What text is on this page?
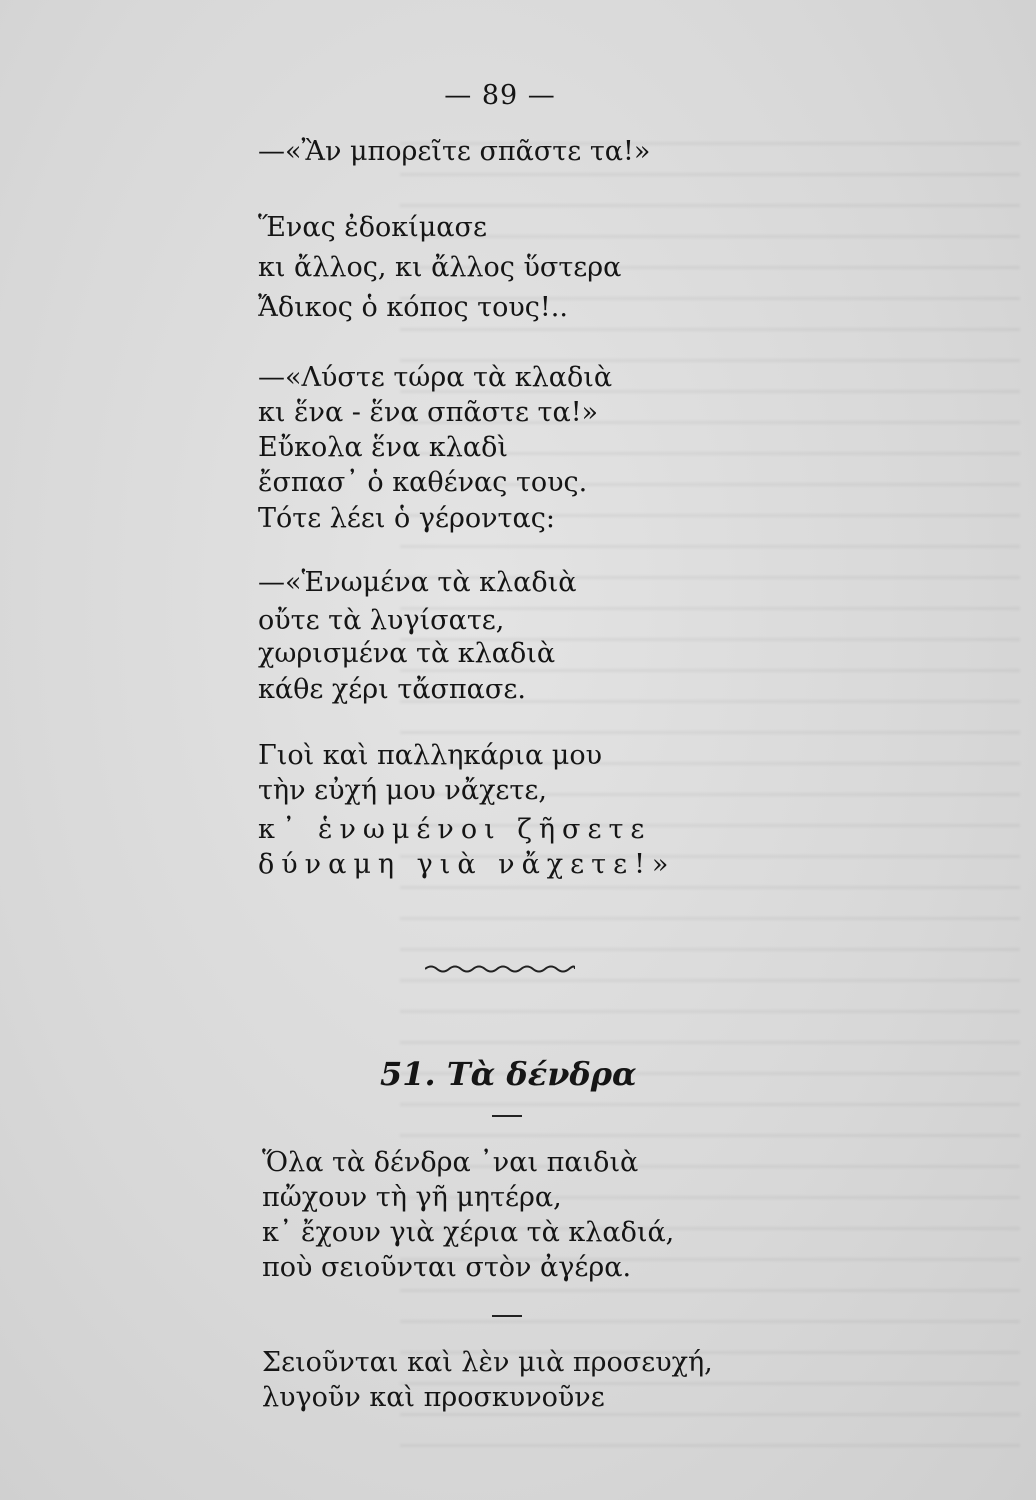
— 89 —
—«Ἂν μπορεῖτε σπᾶστε τα!»
Ἕνας ἐδοκίμασε
κι ἄλλος, κι ἄλλος ὕστερα
Ἄδικος ὁ κόπος τους!..
—«Λύστε τώρα τὰ κλαδιὰ
κι ἕνα - ἕνα σπᾶστε τα!»
Εὔκολα ἕνα κλαδὶ
ἔσπασ᾿ ὁ καθένας τους.
Τότε λέει ὁ γέροντας:
—«Ἑνωμένα τὰ κλαδιὰ
οὔτε τὰ λυγίσατε,
χωρισμένα τὰ κλαδιὰ
κάθε χέρι τἄσπασε.
Γιοὶ καὶ παλληκάρια μου
τὴν εὐχή μου νἄχετε,
κ᾿ ἑνωμένοι ζῆσετε
δύναμη γιὰ νἄχετε!»
51. Τὰ δένδρα
Ὅλα τὰ δένδρα ᾿ναι παιδιὰ
πὤχουν τὴ γῆ μητέρα,
κ᾿ ἔχουν γιὰ χέρια τὰ κλαδιά,
ποὺ σειοῦνται στὸν ἀγέρα.
Σειοῦνται καὶ λὲν μιὰ προσευχή,
λυγοῦν καὶ προσκυνοῦνε
